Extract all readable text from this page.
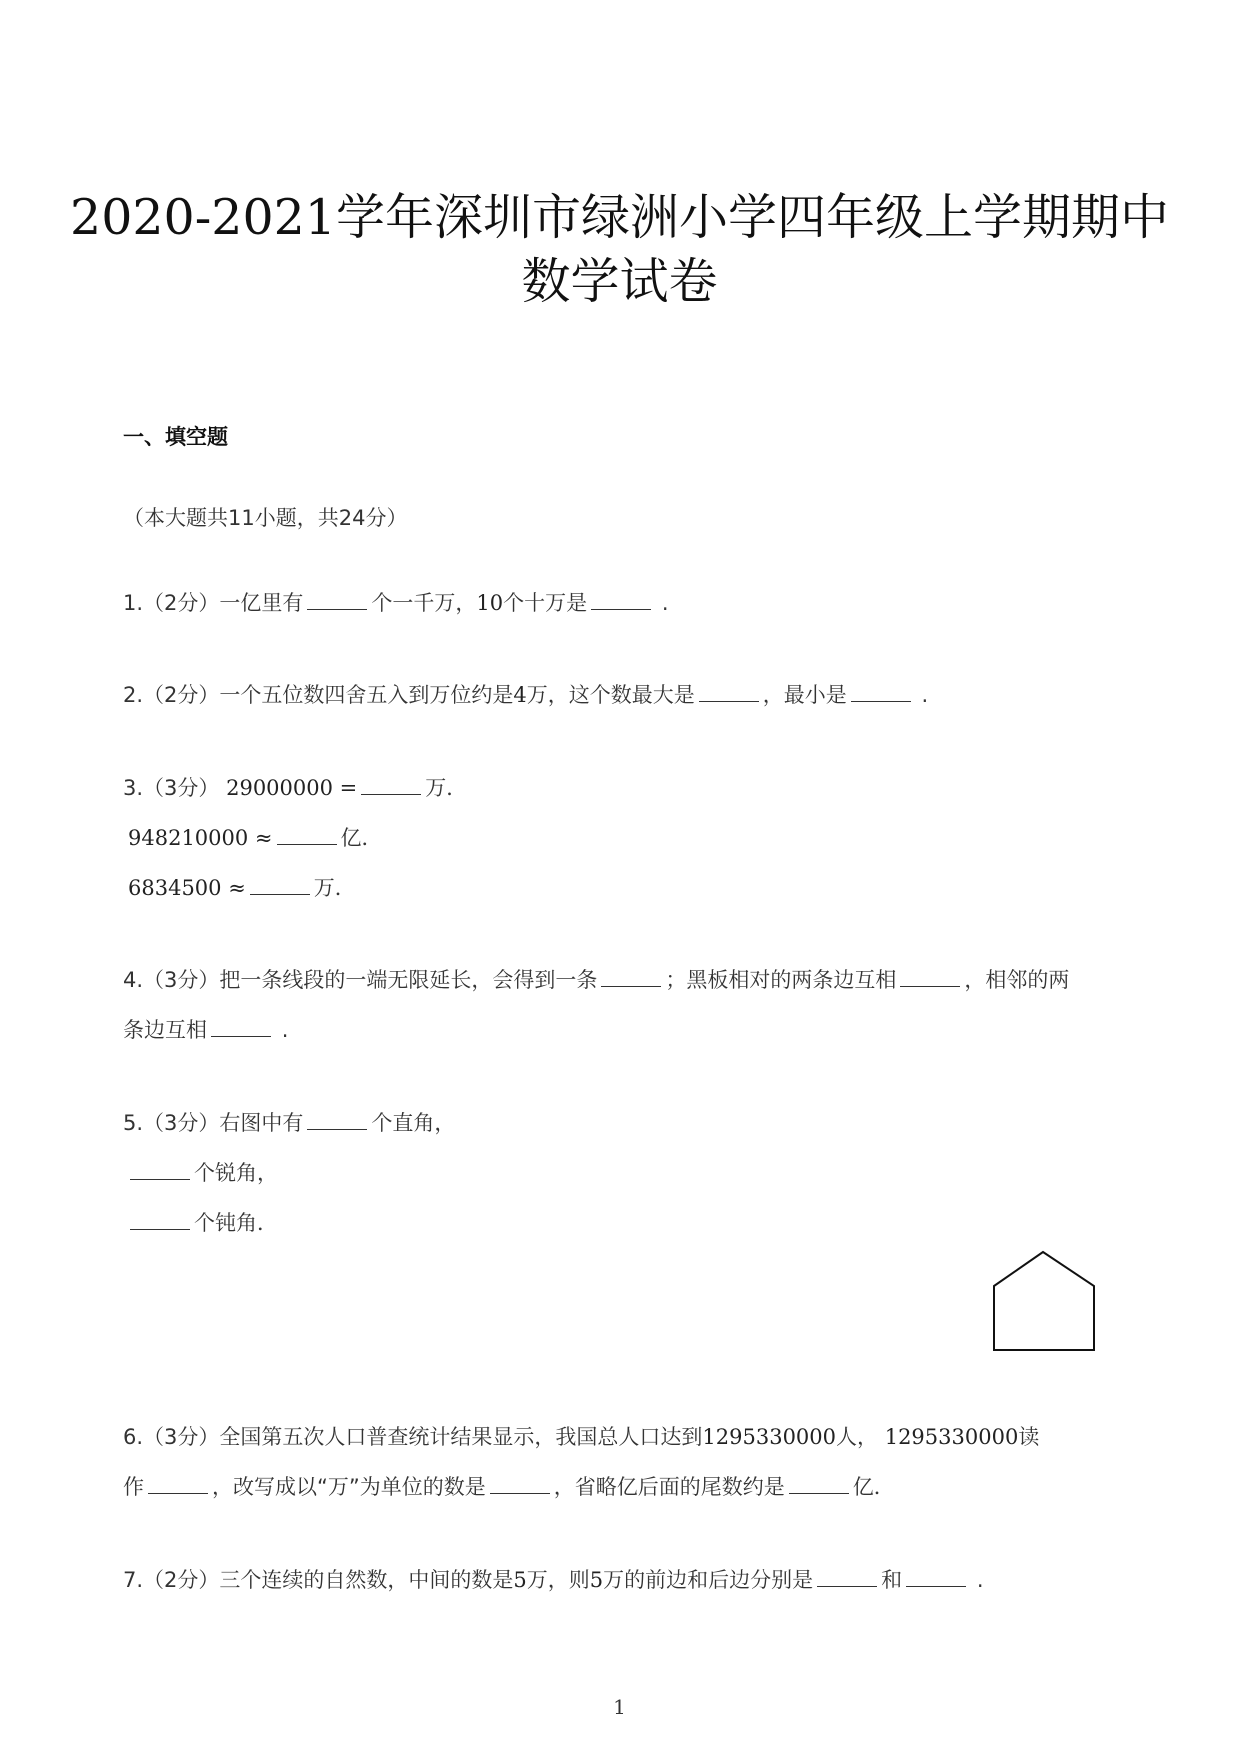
2020-2021学年深圳市绿洲小学四年级上学期期中
数学试卷
一、填空题
（本大题共11小题，共24分）
1.（2分）一亿里有	个一千万，10个十万是	.
2.（2分）一个五位数四舍五入到万位约是4万，这个数最大是	，最小是	.
3.（3分） 29000000 =	万．
948210000 ≈	亿．
6834500 ≈	万．
4.（3分）把一条线段的一端无限延长，会得到一条	；黑板相对的两条边互相	，相邻的两
条边互相	.
5.（3分）右图中有	个直角，
个锐角，
个钝角．
6.（3分）全国第五次人口普查统计结果显示，我国总人口达到1295330000人， 1295330000读
作	，改写成以“万”为单位的数是	，省略亿后面的尾数约是	亿．
7.（2分）三个连续的自然数，中间的数是5万，则5万的前边和后边分别是	和	.
1
